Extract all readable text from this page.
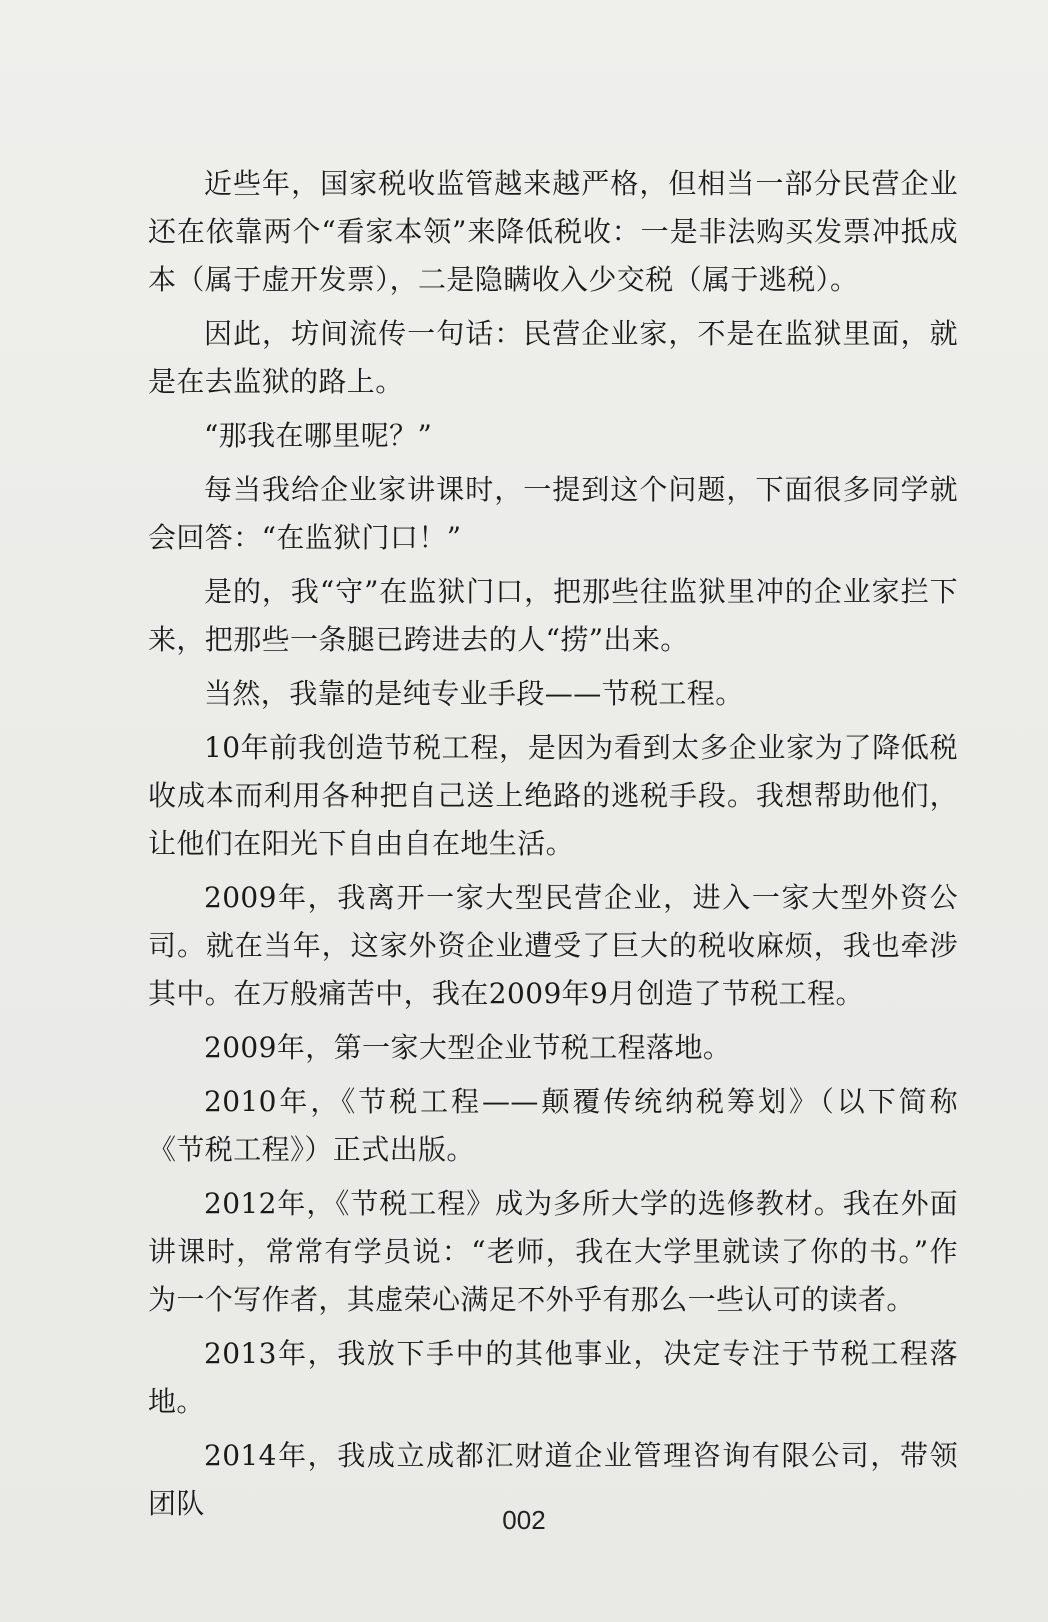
近些年，国家税收监管越来越严格，但相当一部分民营企业还在依靠两个“看家本领”来降低税收：一是非法购买发票冲抵成本（属于虚开发票），二是隐瞒收入少交税（属于逃税）。

因此，坊间流传一句话：民营企业家，不是在监狱里面，就是在去监狱的路上。

“那我在哪里呢？”

每当我给企业家讲课时，一提到这个问题，下面很多同学就会回答：“在监狱门口！”

是的，我“守”在监狱门口，把那些往监狱里冲的企业家拦下来，把那些一条腿已跨进去的人“捞”出来。

当然，我靠的是纯专业手段——节税工程。

10年前我创造节税工程，是因为看到太多企业家为了降低税收成本而利用各种把自己送上绝路的逃税手段。我想帮助他们，让他们在阳光下自由自在地生活。

2009年，我离开一家大型民营企业，进入一家大型外资公司。就在当年，这家外资企业遭受了巨大的税收麻烦，我也牵涉其中。在万般痛苦中，我在2009年9月创造了节税工程。

2009年，第一家大型企业节税工程落地。

2010年，《节税工程——颠覆传统纳税筹划》（以下简称《节税工程》）正式出版。

2012年，《节税工程》成为多所大学的选修教材。我在外面讲课时，常常有学员说：“老师，我在大学里就读了你的书。”作为一个写作者，其虚荣心满足不外乎有那么一些认可的读者。

2013年，我放下手中的其他事业，决定专注于节税工程落地。

2014年，我成立成都汇财道企业管理咨询有限公司，带领团队	002
